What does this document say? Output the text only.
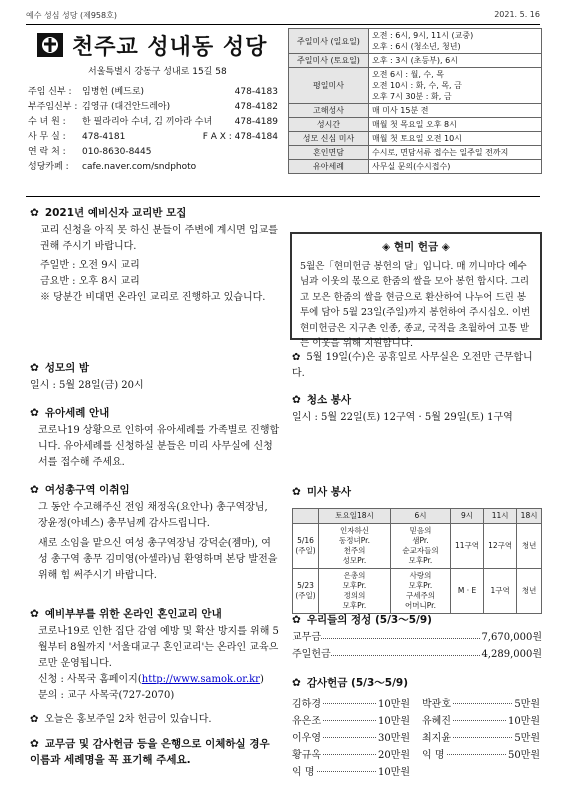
예수 성심 성당 (제958호)	2021. 5. 16
천주교 성내동 성당
서울특별시 강동구 성내로 15길 58
주임 신부 : 임병헌 (베드로)	478-4183
부주임신부 : 김영규 (대건안드레아)	478-4182
수 녀 원 : 한 필라리아 수녀, 김 끼아라 수녀 478-4189
사 무 실 : 478-4181	F A X : 478-4184
연 락 처 : 010-8630-8445
성당카페 : cafe.naver.com/sndphoto
주일미사 (일요일)	오전 : 6시, 9시, 11시 (교중)
오후 : 6시 (청소년, 청년)
주일미사 (토요일)	오후 : 3시 (초등부), 6시
평일미사	오전 6시 : 월, 수, 목
오전 10시 : 화, 수, 목, 금
오후 7시 30분 : 화, 금
고해성사	매 미사 15분 전
성시간	매월 첫 목요일 오후 8시
성모 신심 미사	매월 첫 토요일 오전 10시
혼인면담	수시로, 면담서류 접수는 일주일 전까지
유아세례	사무실 문의(수시접수)
✿ 2021년 예비신자 교리반 모집

교리 신청을 아직 못 하신 분들이 주변에 계시면 입교를 권해 주시기 바랍니다.

주일반 : 오전 9시 교리

금요반 : 오후 8시 교리

※ 당분간 비대면 온라인 교리로 진행하고 있습니다.

✿ 성모의 밤

일시 : 5월 28일(금) 20시

✿ 유아세례 안내

코로나19 상황으로 인하여 유아세례를 가족별로 진행합니다. 유아세례를 신청하실 분들은 미리 사무실에 신청서를 접수해 주세요.

✿ 여성총구역 이취임

그 동안 수고해주신 전임 채정옥(요안나) 총구역장님, 장윤정(아녜스) 총무님께 감사드립니다.

새로 소임을 맡으신 여성 총구역장님 강덕순(젬마), 여성 총구역 총무 김미영(아셀라)님 환영하며 본당 발전을 위해 힘 써주시기 바랍니다.

✿ 예비부부를 위한 온라인 혼인교리 안내

코로나19로 인한 집단 감염 예방 및 확산 방지를 위해 5월부터 8월까지 '서울대교구 혼인교리'는 온라인 교육으로만 운영됩니다.

신청 : 사목국 홈페이지(http://www.samok.or.kr)

문의 : 교구 사목국(727-2070)

✿ 오늘은 홍보주일 2차 헌금이 있습니다.

✿ 교무금 및 감사헌금 등을 은행으로 이체하실 경우 이름과 세례명을 꼭 표기해 주세요.

◈ 현미 헌금 ◈

5월은「현미헌금 봉헌의 달」입니다. 매 끼니마다 예수님과 이웃의 몫으로 한줌의 쌀을 모아 봉헌 합시다. 그리고 모은 한줌의 쌀을 현금으로 환산하여 나누어 드린 봉투에 담아 5월 23일(주일)까지 봉헌하여 주시십오. 이번 현미헌금은 지구촌 인종, 종교, 국적을 초월하여 고통 받는 이웃을 위해 지원합니다.

✿ 5월 19일(수)은 공휴일로 사무실은 오전만 근무합니다.

✿ 청소 봉사

일시 : 5월 22일(토) 12구역 · 5월 29일(토) 1구역

✿ 미사 봉사
	토요일18시	6시	9시	11시	18시
5/16
(주일)	인자하신
동정녀Pr.
천주의
성모Pr.	믿음의
샘Pr.
순교자들의
모후Pr.	11구역	12구역	청년
5/23
(주일)	은총의
모후Pr.
정의의
모후Pr.	사랑의
모후Pr.
구세주의
어머니Pr.	M · E	1구역	청년
✿ 우리들의 정성 (5/3～5/9)
교무금	7,670,000원
주일헌금	4,289,000원
✿ 감사헌금 (5/3～5/9)
김하경	10만원 박관호	5만원
유은조	10만원 유혜진	10만원
이우영	30만원 최지윤	5만원
황규옥	20만원 익 명	50만원
익 명	10만원
